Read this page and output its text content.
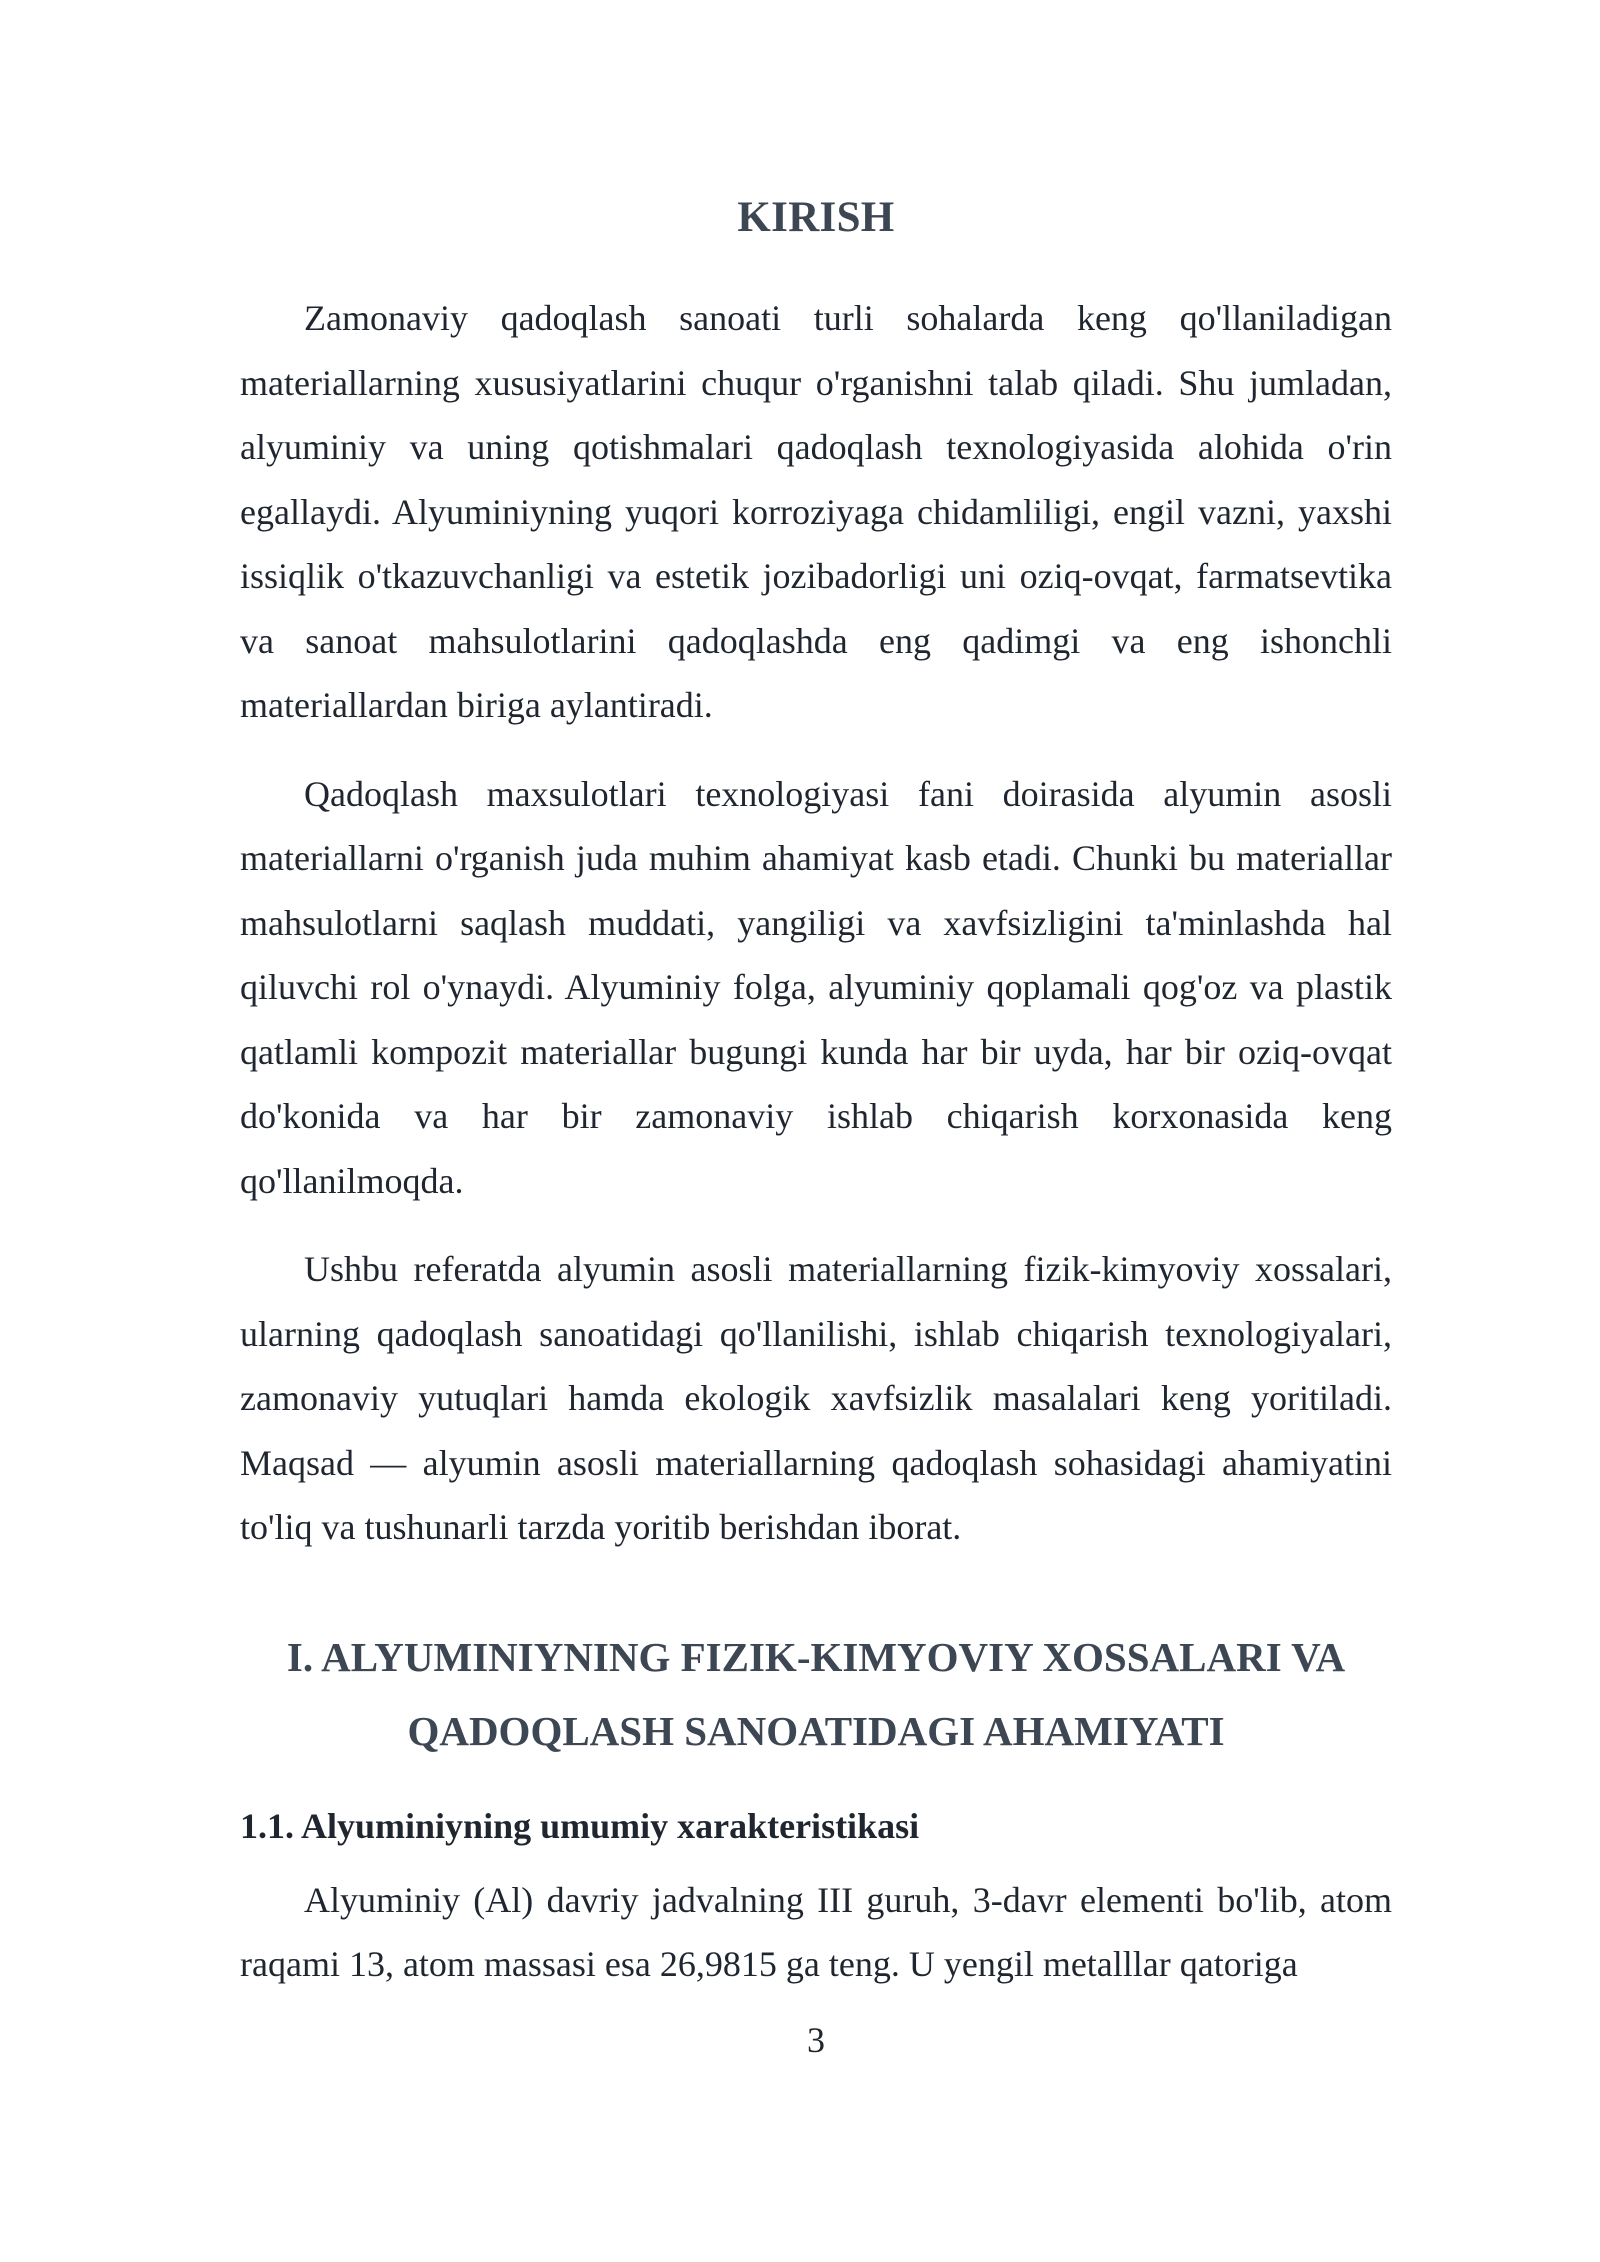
KIRISH

Zamonaviy qadoqlash sanoati turli sohalarda keng qo'llaniladigan materiallarning xususiyatlarini chuqur o'rganishni talab qiladi. Shu jumladan, alyuminiy va uning qotishmalari qadoqlash texnologiyasida alohida o'rin egallaydi. Alyuminiyning yuqori korroziyaga chidamliligi, engil vazni, yaxshi issiqlik o'tkazuvchanligi va estetik jozibadorligi uni oziq-ovqat, farmatsevtika va sanoat mahsulotlarini qadoqlashda eng qadimgi va eng ishonchli materiallardan biriga aylantiradi.

Qadoqlash maxsulotlari texnologiyasi fani doirasida alyumin asosli materiallarni o'rganish juda muhim ahamiyat kasb etadi. Chunki bu materiallar mahsulotlarni saqlash muddati, yangiligi va xavfsizligini ta'minlashda hal qiluvchi rol o'ynaydi. Alyuminiy folga, alyuminiy qoplamali qog'oz va plastik qatlamli kompozit materiallar bugungi kunda har bir uyda, har bir oziq-ovqat do'konida va har bir zamonaviy ishlab chiqarish korxonasida keng qo'llanilmoqda.

Ushbu referatda alyumin asosli materiallarning fizik-kimyoviy xossalari, ularning qadoqlash sanoatidagi qo'llanilishi, ishlab chiqarish texnologiyalari, zamonaviy yutuqlari hamda ekologik xavfsizlik masalalari keng yoritiladi. Maqsad — alyumin asosli materiallarning qadoqlash sohasidagi ahamiyatini to'liq va tushunarli tarzda yoritib berishdan iborat.

I. ALYUMINIYNING FIZIK-KIMYOVIY XOSSALARI VA
QADOQLASH SANOATIDAGI AHAMIYATI
1.1. Alyuminiyning umumiy xarakteristikasi

Alyuminiy (Al) davriy jadvalning III guruh, 3-davr elementi bo'lib, atom raqami 13, atom massasi esa 26,9815 ga teng. U yengil metalllar qatoriga

3
